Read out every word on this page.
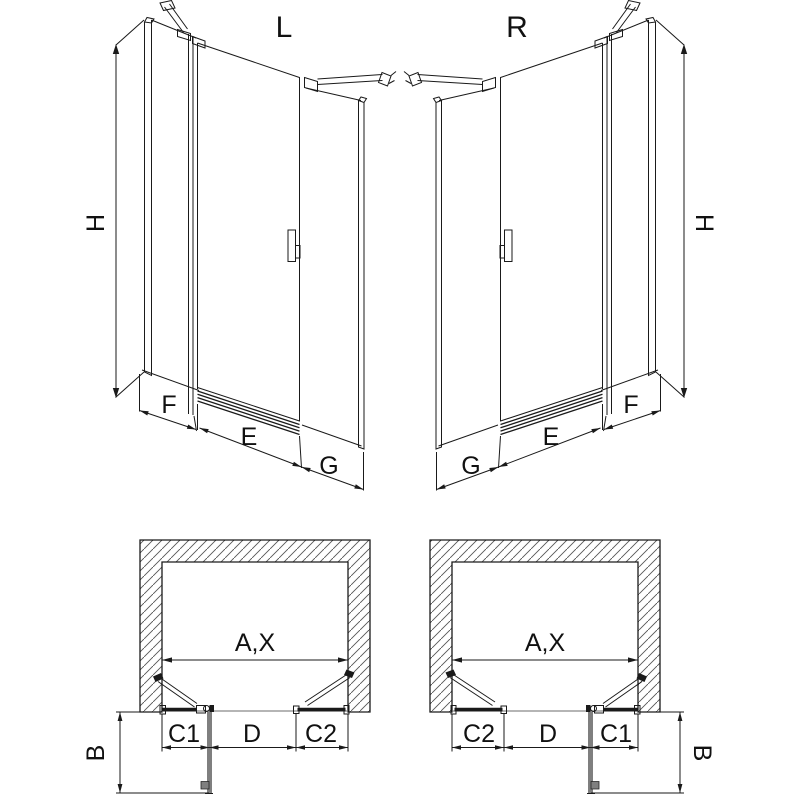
L	R
H
F
E
G
H
F
E
G
A,X
C1 D C2
B
A,X
C2 D C1
B
